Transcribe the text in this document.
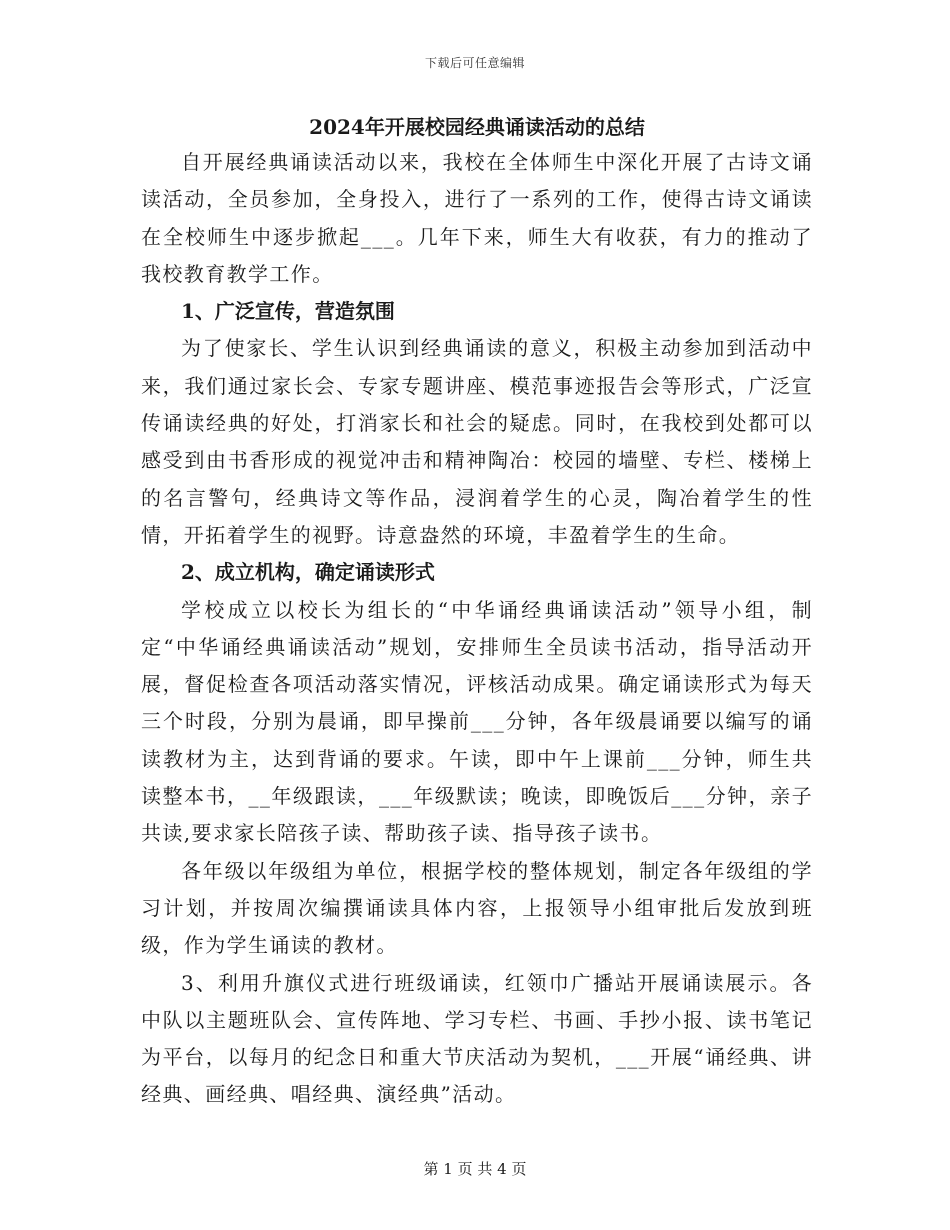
下载后可任意编辑
2024年开展校园经典诵读活动的总结

自开展经典诵读活动以来，我校在全体师生中深化开展了古诗文诵读活动，全员参加，全身投入，进行了一系列的工作，使得古诗文诵读在全校师生中逐步掀起___。几年下来，师生大有收获，有力的推动了我校教育教学工作。

1、广泛宣传，营造氛围

为了使家长、学生认识到经典诵读的意义，积极主动参加到活动中来，我们通过家长会、专家专题讲座、模范事迹报告会等形式，广泛宣传诵读经典的好处，打消家长和社会的疑虑。同时，在我校到处都可以感受到由书香形成的视觉冲击和精神陶冶：校园的墙壁、专栏、楼梯上的名言警句，经典诗文等作品，浸润着学生的心灵，陶冶着学生的性情，开拓着学生的视野。诗意盎然的环境，丰盈着学生的生命。

2、成立机构，确定诵读形式

学校成立以校长为组长的“中华诵经典诵读活动”领导小组，制定“中华诵经典诵读活动”规划，安排师生全员读书活动，指导活动开展，督促检查各项活动落实情况，评核活动成果。确定诵读形式为每天三个时段，分别为晨诵，即早操前___分钟，各年级晨诵要以编写的诵读教材为主，达到背诵的要求。午读，即中午上课前___分钟，师生共读整本书，__年级跟读，___年级默读；晚读，即晚饭后___分钟，亲子共读,要求家长陪孩子读、帮助孩子读、指导孩子读书。

各年级以年级组为单位，根据学校的整体规划，制定各年级组的学习计划，并按周次编撰诵读具体内容，上报领导小组审批后发放到班级，作为学生诵读的教材。

3、利用升旗仪式进行班级诵读，红领巾广播站开展诵读展示。各中队以主题班队会、宣传阵地、学习专栏、书画、手抄小报、读书笔记为平台，以每月的纪念日和重大节庆活动为契机，___开展“诵经典、讲经典、画经典、唱经典、演经典”活动。

第 1 页 共 4 页
